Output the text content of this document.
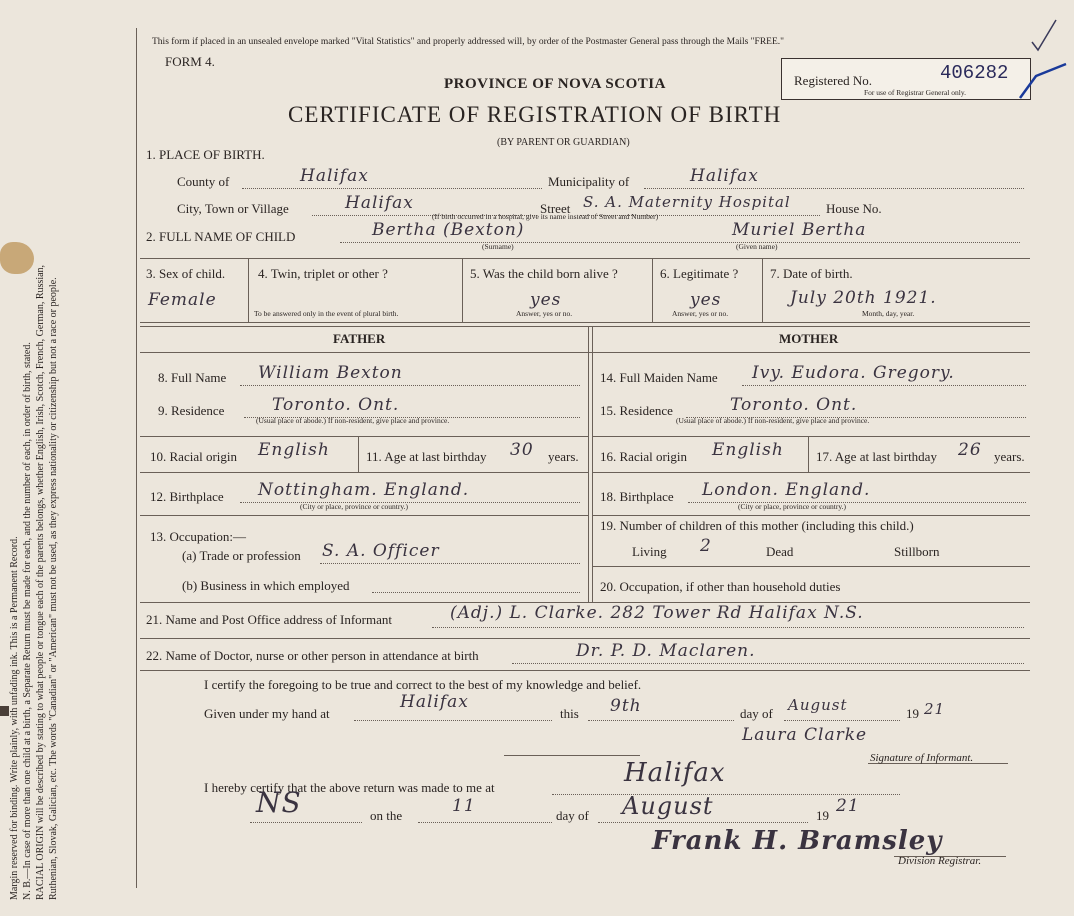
Margin reserved for binding. Write plainly, with unfading ink. This is a Permanent Record. N. B.—In case of more than one child at a birth, a Separate Return must be made for each, and the number of each, in order of birth, stated. RACIAL ORIGIN will be described by stating to what people or tongue each of the parents belongs, whether English, Irish, Scotch, French, German, Russian, Ruthenian, Slovak, Galician, etc. The words "Canadian" or "American" must not be used, as they express nationality or citizenship but not a race or people.
This form if placed in an unsealed envelope marked "Vital Statistics" and properly addressed will, by order of the Postmaster General pass through the Mails "FREE."
FORM 4.
PROVINCE OF NOVA SCOTIA
CERTIFICATE OF REGISTRATION OF BIRTH
(BY PARENT OR GUARDIAN)
Registered No.	406282
For use of Registrar General only.
1. PLACE OF BIRTH.
County of	Halifax	Municipality of	Halifax
City, Town or Village	Halifax	Street S. A. Maternity Hospital	House No.
(If birth occurred in a hospital, give its name instead of Street and Number)
2. FULL NAME OF CHILD	Bertha (Bexton)
(Surname)
Muriel Bertha
(Given name)
3. Sex of child.
Female
4. Twin, triplet or other ?
To be answered only in the event of plural birth.
5. Was the child born alive ?
yes
Answer, yes or no.
6. Legitimate ?
yes
Answer, yes or no.
7. Date of birth.
July 20th 1921.
Month, day, year.
FATHER	MOTHER
8. Full Name William Bexton
9. Residence	Toronto. Ont.
(Usual place of abode.) If non-resident, give place and province.
10. Racial origin English	11. Age at last birthday 30 years.
12. Birthplace Nottingham. England.
(City or place, province or country.)
13. Occupation:—
(a) Trade or profession S. A. Officer
(b) Business in which employed
14. Full Maiden Name Ivy. Eudora. Gregory.
15. Residence	Toronto. Ont.
(Usual place of abode.) If non-resident, give place and province.
16. Racial origin English 17. Age at last birthday 26 years.
18. Birthplace London. England.
(City or place, province or country.)
19. Number of children of this mother (including this child.)
Living 2	Dead	Stillborn
20. Occupation, if other than household duties
21. Name and Post Office address of Informant	(Adj.) L. Clarke. 282 Tower Rd Halifax N.S.
22. Name of Doctor, nurse or other person in attendance at birth	Dr. P. D. Maclaren.
I certify the foregoing to be true and correct to the best of my knowledge and belief.
Given under my hand at
Halifax
this 9th	day of August	19 21
Laura Clarke
Signature of Informant.
I hereby certify that the above return was made to me at	Halifax
NS	on the	11	day of August	19 21
Frank H. Bramsley
Division Registrar.
